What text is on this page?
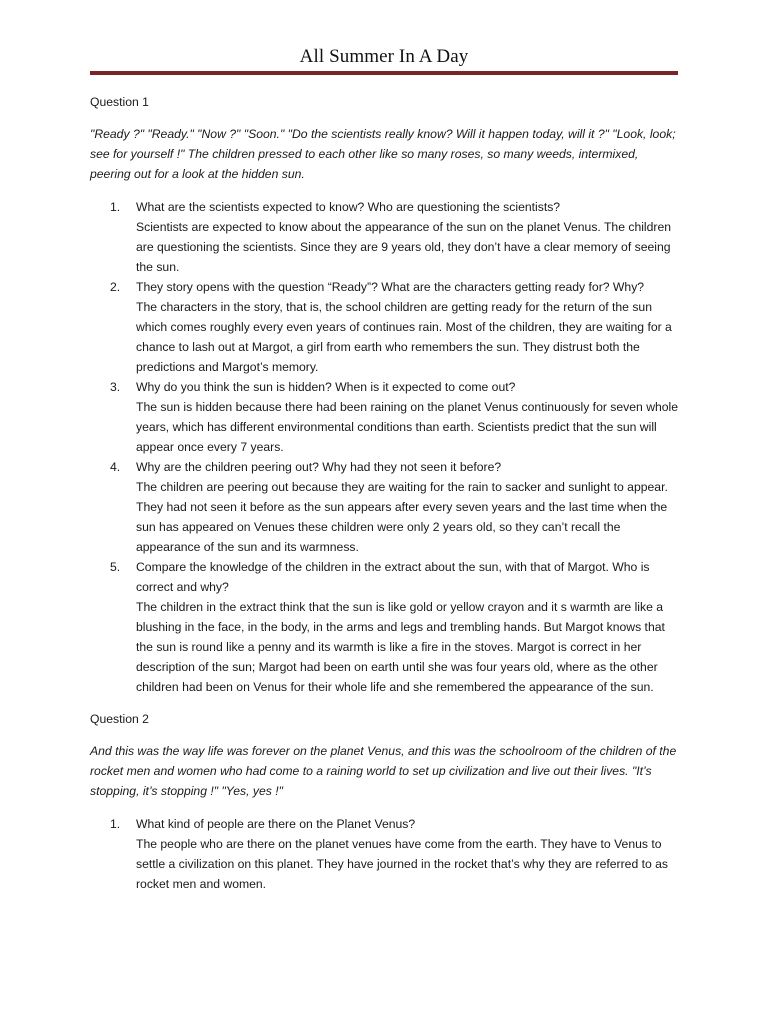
All Summer In A Day

Question 1

"Ready ?" "Ready." "Now ?" "Soon." "Do the scientists really know? Will it happen today, will it ?" "Look, look; see for yourself !" The children pressed to each other like so many roses, so many weeds, intermixed, peering out for a look at the hidden sun.

1. What are the scientists expected to know? Who are questioning the scientists?
Scientists are expected to know about the appearance of the sun on the planet Venus. The children are questioning the scientists. Since they are 9 years old, they don’t have a clear memory of seeing the sun.
2. They story opens with the question “Ready”? What are the characters getting ready for? Why?
The characters in the story, that is, the school children are getting ready for the return of the sun which comes roughly every even years of continues rain. Most of the children, they are waiting for a chance to lash out at Margot, a girl from earth who remembers the sun. They distrust both the predictions and Margot’s memory.
3. Why do you think the sun is hidden? When is it expected to come out?
The sun is hidden because there had been raining on the planet Venus continuously for seven whole years, which has different environmental conditions than earth. Scientists predict that the sun will appear once every 7 years.
4. Why are the children peering out? Why had they not seen it before?
The children are peering out because they are waiting for the rain to sacker and sunlight to appear. They had not seen it before as the sun appears after every seven years and the last time when the sun has appeared on Venues these children were only 2 years old, so they can’t recall the appearance of the sun and its warmness.
5. Compare the knowledge of the children in the extract about the sun, with that of Margot. Who is correct and why?
The children in the extract think that the sun is like gold or yellow crayon and it s warmth are like a blushing in the face, in the body, in the arms and legs and trembling hands. But Margot knows that the sun is round like a penny and its warmth is like a fire in the stoves. Margot is correct in her description of the sun; Margot had been on earth until she was four years old, where as the other children had been on Venus for their whole life and she remembered the appearance of the sun.

Question 2

And this was the way life was forever on the planet Venus, and this was the schoolroom of the children of the rocket men and women who had come to a raining world to set up civilization and live out their lives. "It’s stopping, it’s stopping !" "Yes, yes !"

1. What kind of people are there on the Planet Venus?
The people who are there on the planet venues have come from the earth. They have to Venus to settle a civilization on this planet. They have journed in the rocket that’s why they are referred to as rocket men and women.
